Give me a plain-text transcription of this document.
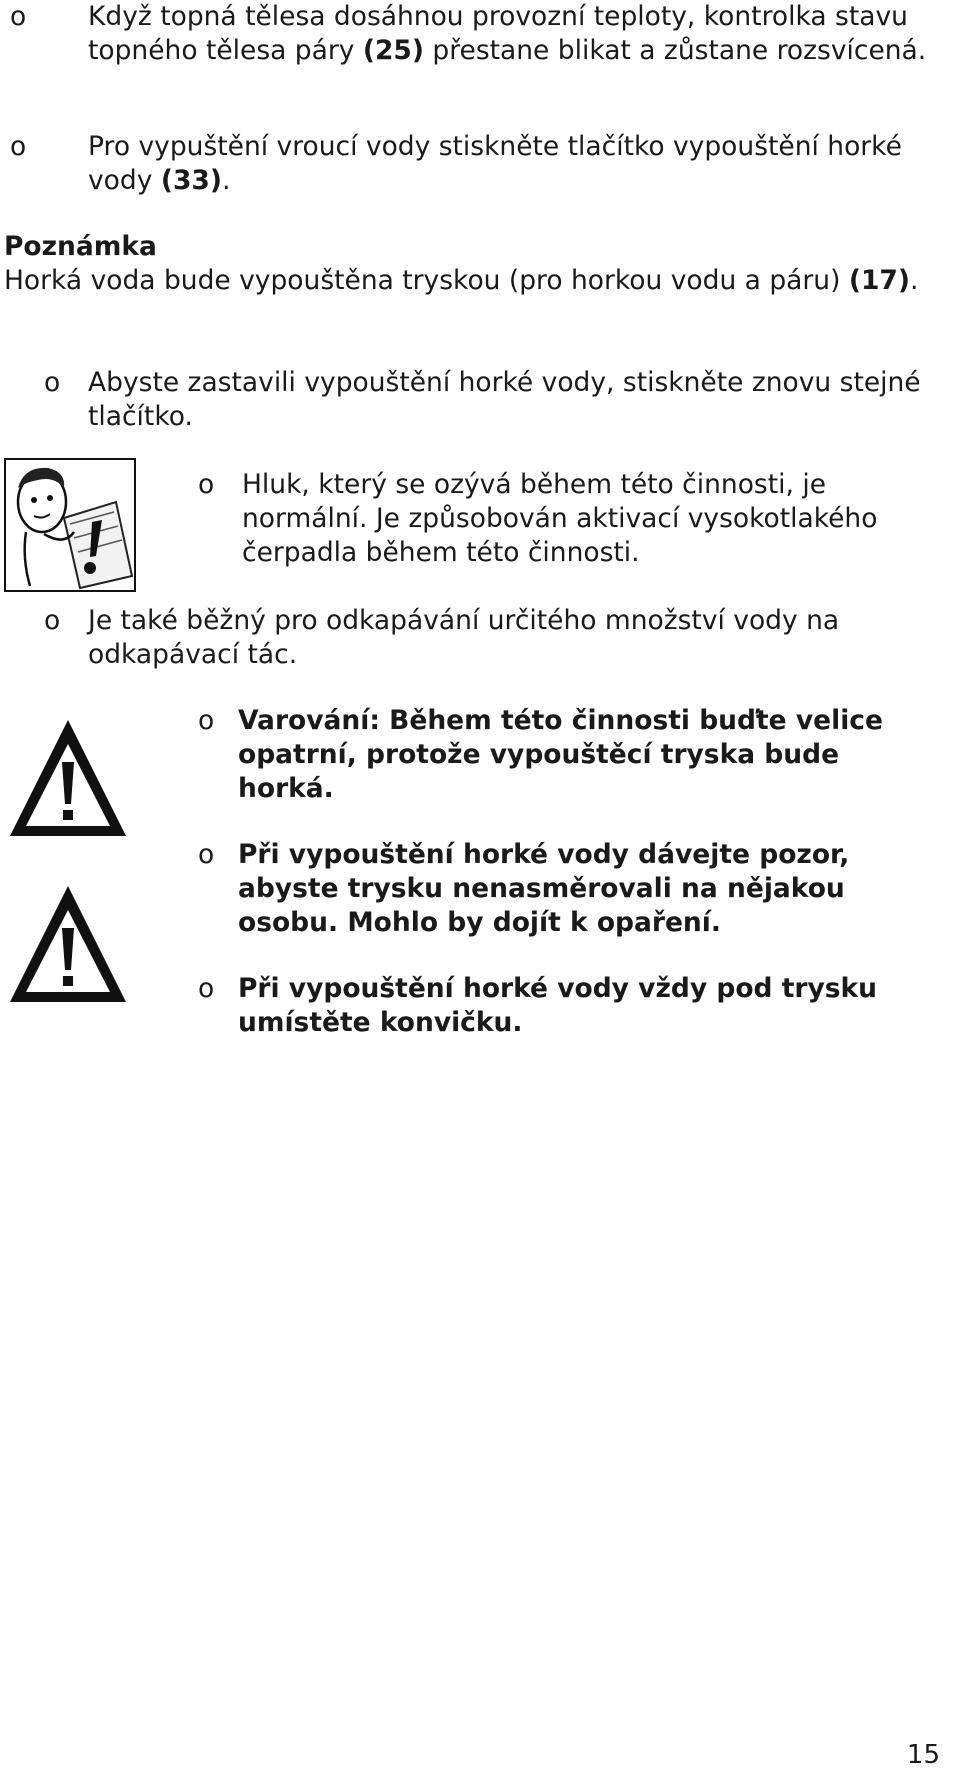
o Když topná tělesa dosáhnou provozní teploty, kontrolka stavu topného tělesa páry (25) přestane blikat a zůstane rozsvícená.
o Pro vypuštění vroucí vody stiskněte tlačítko vypouštění horké vody (33).
Poznámka
Horká voda bude vypouštěna tryskou (pro horkou vodu a páru) (17).
o Abyste zastavili vypouštění horké vody, stiskněte znovu stejné tlačítko.
o Hluk, který se ozývá během této činnosti, je normální. Je způsobován aktivací vysokotlakého čerpadla během této činnosti.
o Je také běžný pro odkapávání určitého množství vody na odkapávací tác.
o Varování: Během této činnosti buďte velice opatrní, protože vypouštěcí tryska bude horká.
o Při vypouštění horké vody dávejte pozor, abyste trysku nenasměrovali na nějakou osobu. Mohlo by dojít k opaření.
o Při vypouštění horké vody vždy pod trysku umístěte konvičku.
15
